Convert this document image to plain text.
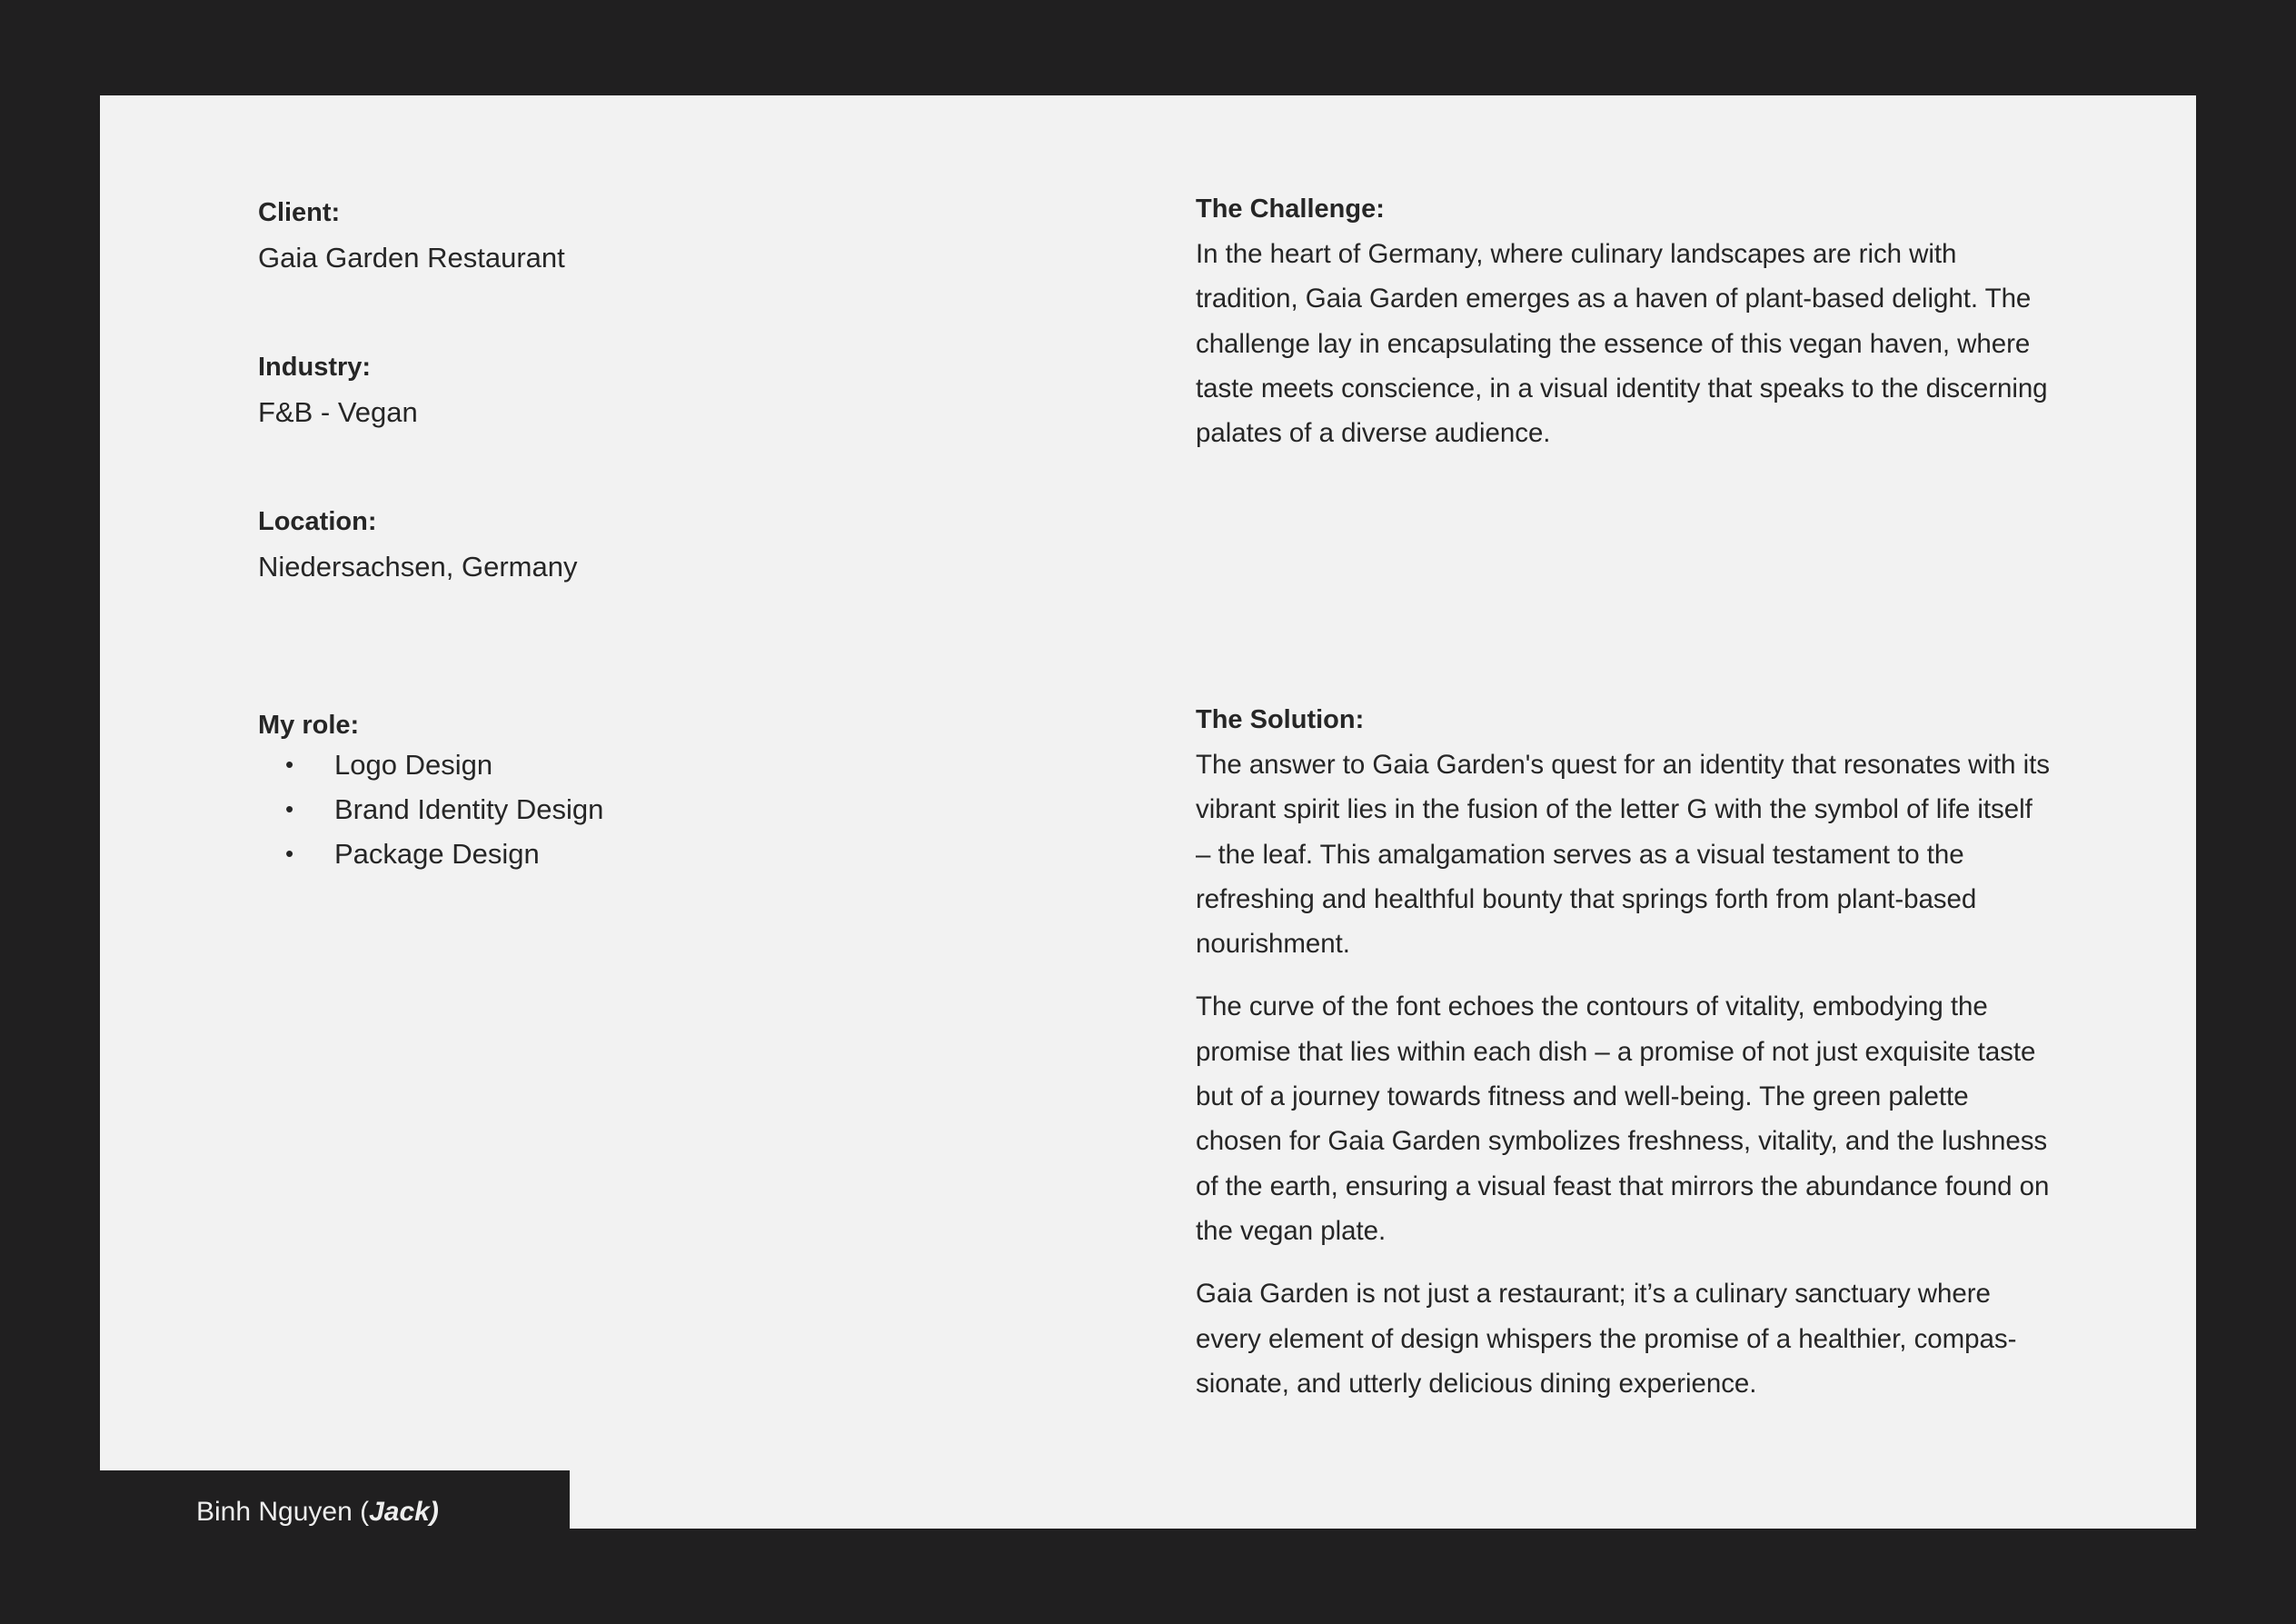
Client:

Gaia Garden Restaurant

Industry:

F&B - Vegan

Location:

Niedersachsen, Germany

My role:

• Logo Design
• Brand Identity Design
• Package Design

The Challenge:

In the heart of Germany, where culinary landscapes are rich with tradition, Gaia Garden emerges as a haven of plant-based delight. The challenge lay in encapsulating the essence of this vegan haven, where taste meets conscience, in a visual identity that speaks to the discerning palates of a diverse audience.

The Solution:

The answer to Gaia Garden's quest for an identity that resonates with its vibrant spirit lies in the fusion of the letter G with the symbol of life itself – the leaf. This amalgamation serves as a visual testament to the refreshing and healthful bounty that springs forth from plant-based nourishment.

The curve of the font echoes the contours of vitality, embodying the promise that lies within each dish – a promise of not just exquisite taste but of a journey towards fitness and well-being. The green palette chosen for Gaia Garden symbolizes freshness, vitality, and the lushness of the earth, ensuring a visual feast that mirrors the abundance found on the vegan plate.

Gaia Garden is not just a restaurant; it’s a culinary sanctuary where every element of design whispers the promise of a healthier, compas-sionate, and utterly delicious dining experience.

Binh Nguyen (Jack)
